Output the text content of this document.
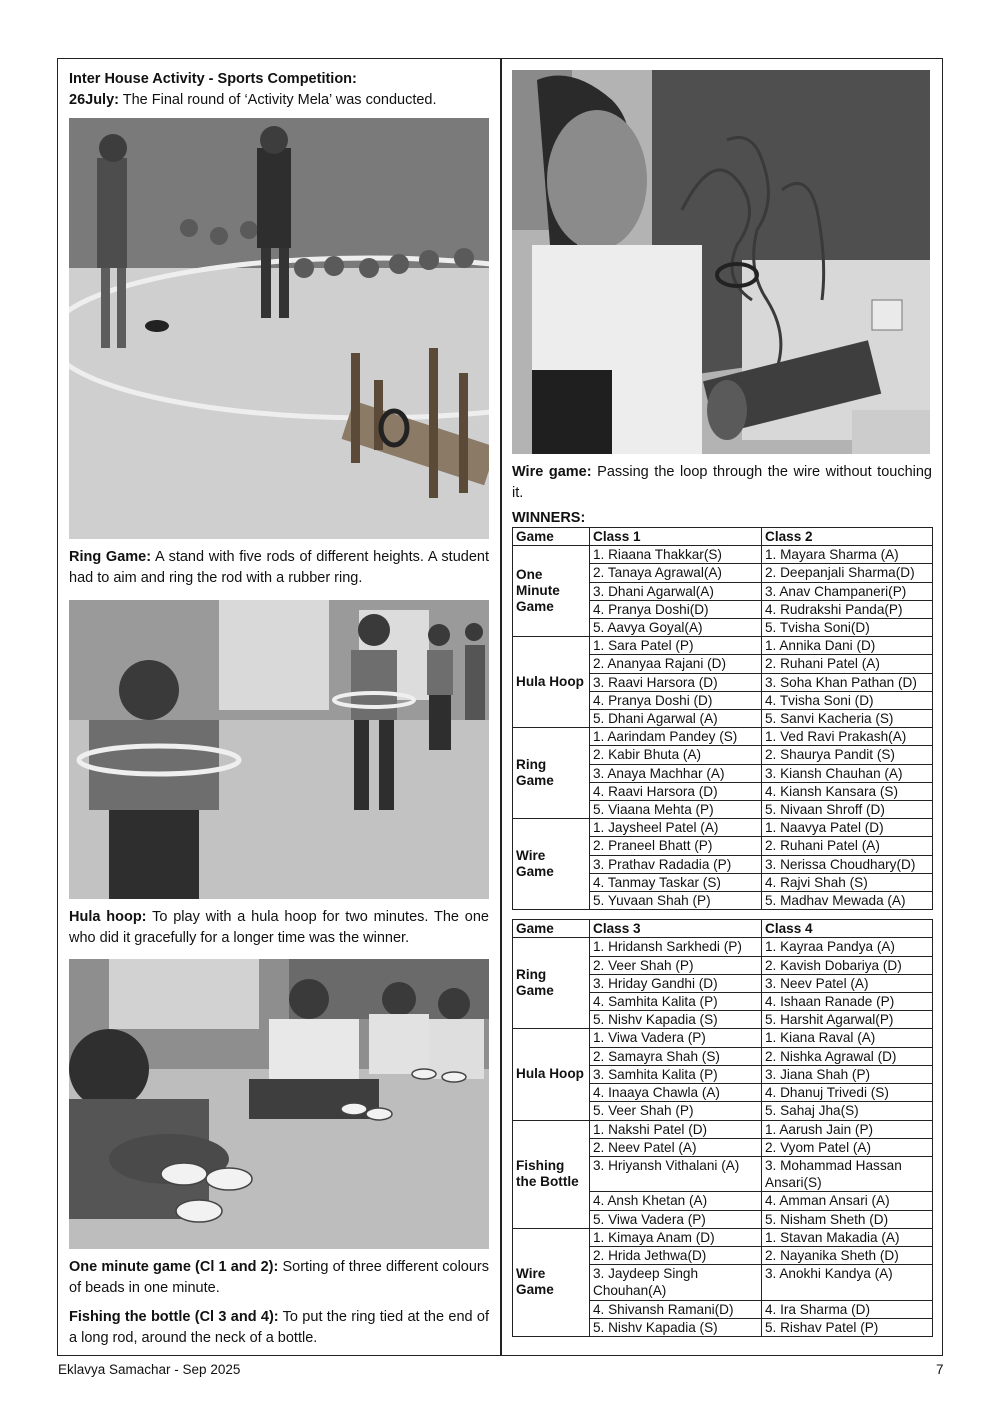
Inter House Activity - Sports Competition:

26July: The Final round of ‘Activity Mela’ was conducted.

Ring Game: A stand with five rods of different heights. A student had to aim and ring the rod with a rubber ring.

Hula hoop: To play with a hula hoop for two minutes. The one who did it gracefully for a longer time was the winner.

One minute game (Cl 1 and 2): Sorting of three different colours of beads in one minute.

Fishing the bottle (Cl 3 and 4): To put the ring tied at the end of a long rod, around the neck of a bottle.

Wire game: Passing the loop through the wire without touching it.

WINNERS:
Game	Class 1	Class 2
One Minute Game	1. Riaana Thakkar(S)	1. Mayara Sharma (A)
	2. Tanaya Agrawal(A)	2. Deepanjali Sharma(D)
	3. Dhani Agarwal(A)	3. Anav Champaneri(P)
	4. Pranya Doshi(D)	4. Rudrakshi Panda(P)
	5. Aavya Goyal(A)	5. Tvisha Soni(D)
Hula Hoop	1. Sara Patel (P)	1. Annika Dani (D)
	2. Ananyaa Rajani (D)	2. Ruhani Patel (A)
	3. Raavi Harsora (D)	3. Soha Khan Pathan (D)
	4. Pranya Doshi (D)	4. Tvisha Soni (D)
	5. Dhani Agarwal (A)	5. Sanvi Kacheria (S)
Ring Game	1. Aarindam Pandey (S)	1. Ved Ravi Prakash(A)
	2. Kabir Bhuta (A)	2. Shaurya Pandit (S)
	3. Anaya Machhar (A)	3. Kiansh Chauhan (A)
	4. Raavi Harsora (D)	4. Kiansh Kansara (S)
	5. Viaana Mehta (P)	5. Nivaan Shroff (D)
Wire Game	1. Jaysheel Patel (A)	1. Naavya Patel (D)
	2. Praneel Bhatt (P)	2. Ruhani Patel (A)
	3. Prathav Radadia (P)	3. Nerissa Choudhary(D)
	4. Tanmay Taskar (S)	4. Rajvi Shah (S)
	5. Yuvaan Shah (P)	5. Madhav Mewada (A)
Game	Class 3	Class 4
Ring Game	1. Hridansh Sarkhedi (P)	1. Kayraa Pandya (A)
	2. Veer Shah (P)	2. Kavish Dobariya (D)
	3. Hriday Gandhi (D)	3. Neev Patel (A)
	4. Samhita Kalita (P)	4. Ishaan Ranade (P)
	5. Nishv Kapadia (S)	5. Harshit Agarwal(P)
Hula Hoop	1. Viwa Vadera (P)	1. Kiana Raval (A)
	2. Samayra Shah (S)	2. Nishka Agrawal (D)
	3. Samhita Kalita (P)	3. Jiana Shah (P)
	4. Inaaya Chawla (A)	4. Dhanuj Trivedi (S)
	5. Veer Shah (P)	5. Sahaj Jha(S)
Fishing the Bottle	1. Nakshi Patel (D)	1. Aarush Jain (P)
	2. Neev Patel (A)	2. Vyom Patel (A)
	3. Hriyansh Vithalani (A)	3. Mohammad Hassan Ansari(S)
	4. Ansh Khetan (A)	4. Amman Ansari (A)
	5. Viwa Vadera (P)	5. Nisham Sheth (D)
Wire Game	1. Kimaya Anam (D)	1. Stavan Makadia (A)
	2. Hrida Jethwa(D)	2. Nayanika Sheth (D)
	3. Jaydeep Singh Chouhan(A)	3. Anokhi Kandya (A)
	4. Shivansh Ramani(D)	4. Ira Sharma (D)
	5. Nishv Kapadia (S)	5. Rishav Patel (P)
Eklavya Samachar - Sep 2025	7
